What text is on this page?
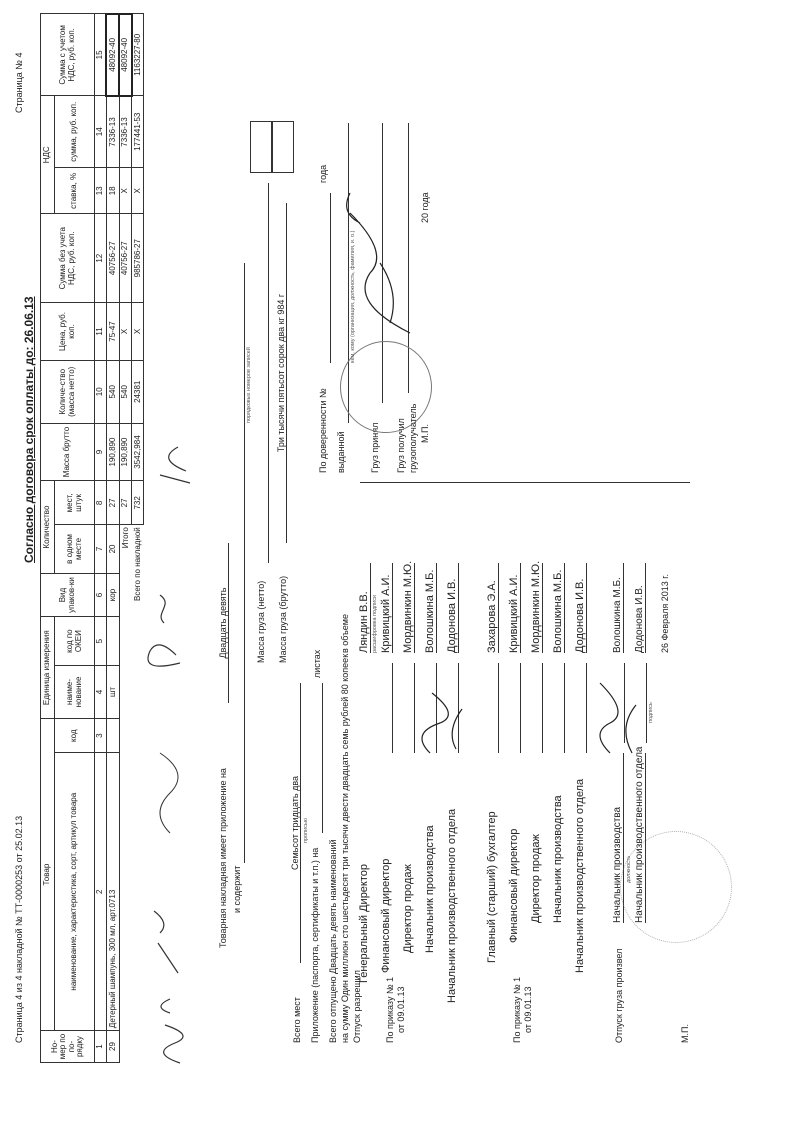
Страница 4 из 4 накладной № ТТ-0000253 от 25.02.13
Согласно договора срок оплаты до: 26.06.13
Страница № 4
Но-мер по по-рядку	Товар		Единица измерения		Вид упаков-ки	Количество		Масса брутто	Количе-ство (масса нетто)	Цена, руб. коп.	Сумма без учета НДС, руб. коп.	НДС		Сумма с учетом НДС, руб. коп.
	наименование, характеристика, сорт, артикул товара	код	наиме-нование	код по ОКЕИ		в одном месте	мест, штук					ставка, %	сумма, руб. коп.	
1	2	3	4	5	6	7	8	9	10	11	12	13	14	15
29	Детерный шампунь, 300 мл, арт.0713		шт		кор	20	27	190,890	540	75-47	40756-27	18	7336-13	48092-40
Итого							27	190,890	540	Х	40756-27	Х	7336-13	48092-40
Всего по накладной							732	3542,984	24381	Х	985786-27	Х	177441-53	1163227-80
Товарная накладная имеет приложение на
Двадцать девять
и содержит
порядковых номеров записей
Масса груза (нетто) Масса груза (брутто)
Три тысячи пятьсот сорок два кг 984 г
Всего мест
Семьсот тридцать два прописью
Приложение (паспорта, сертификаты и т.п.) на
листах
Всего отпущено Двадцать девять наименований на сумму Один миллион сто шестьдесят три тысячи двести двадцать семь рублей 80 копеек
в объеме
Отпуск разрешил
Генеральный Директор
Ляндин В.В. расшифровка подписи
По приказу № 1 от 09.01.13
Финансовый директор
Кривицкий А.И.
Директор продаж
Мордвинкин М.Ю.
Начальник производства
Волошкина М.Б.
Начальник производственного отдела
Додонова И.В.
Главный (старший) бухгалтер
Захарова Э.А.
По приказу № 1 от 09.01.13
Финансовый директор
Кривицкий А.И.
Директор продаж
Мордвинкин М.Ю.
Начальник производства
Волошкина М.Б.
Начальник производственного отдела
Додонова И.В.
Отпуск груза произвел
Начальник производства должность
Волошкина М.Б.
Начальник производственного отдела
Додонова И.В.
подпись
М.П.
26 Февраля 2013 г.
По доверенности №
года
выданной
кем, кому (организация, должность, фамилия, и. о.)
Груз принял Груз получил грузополучатель М.П.
20 года
